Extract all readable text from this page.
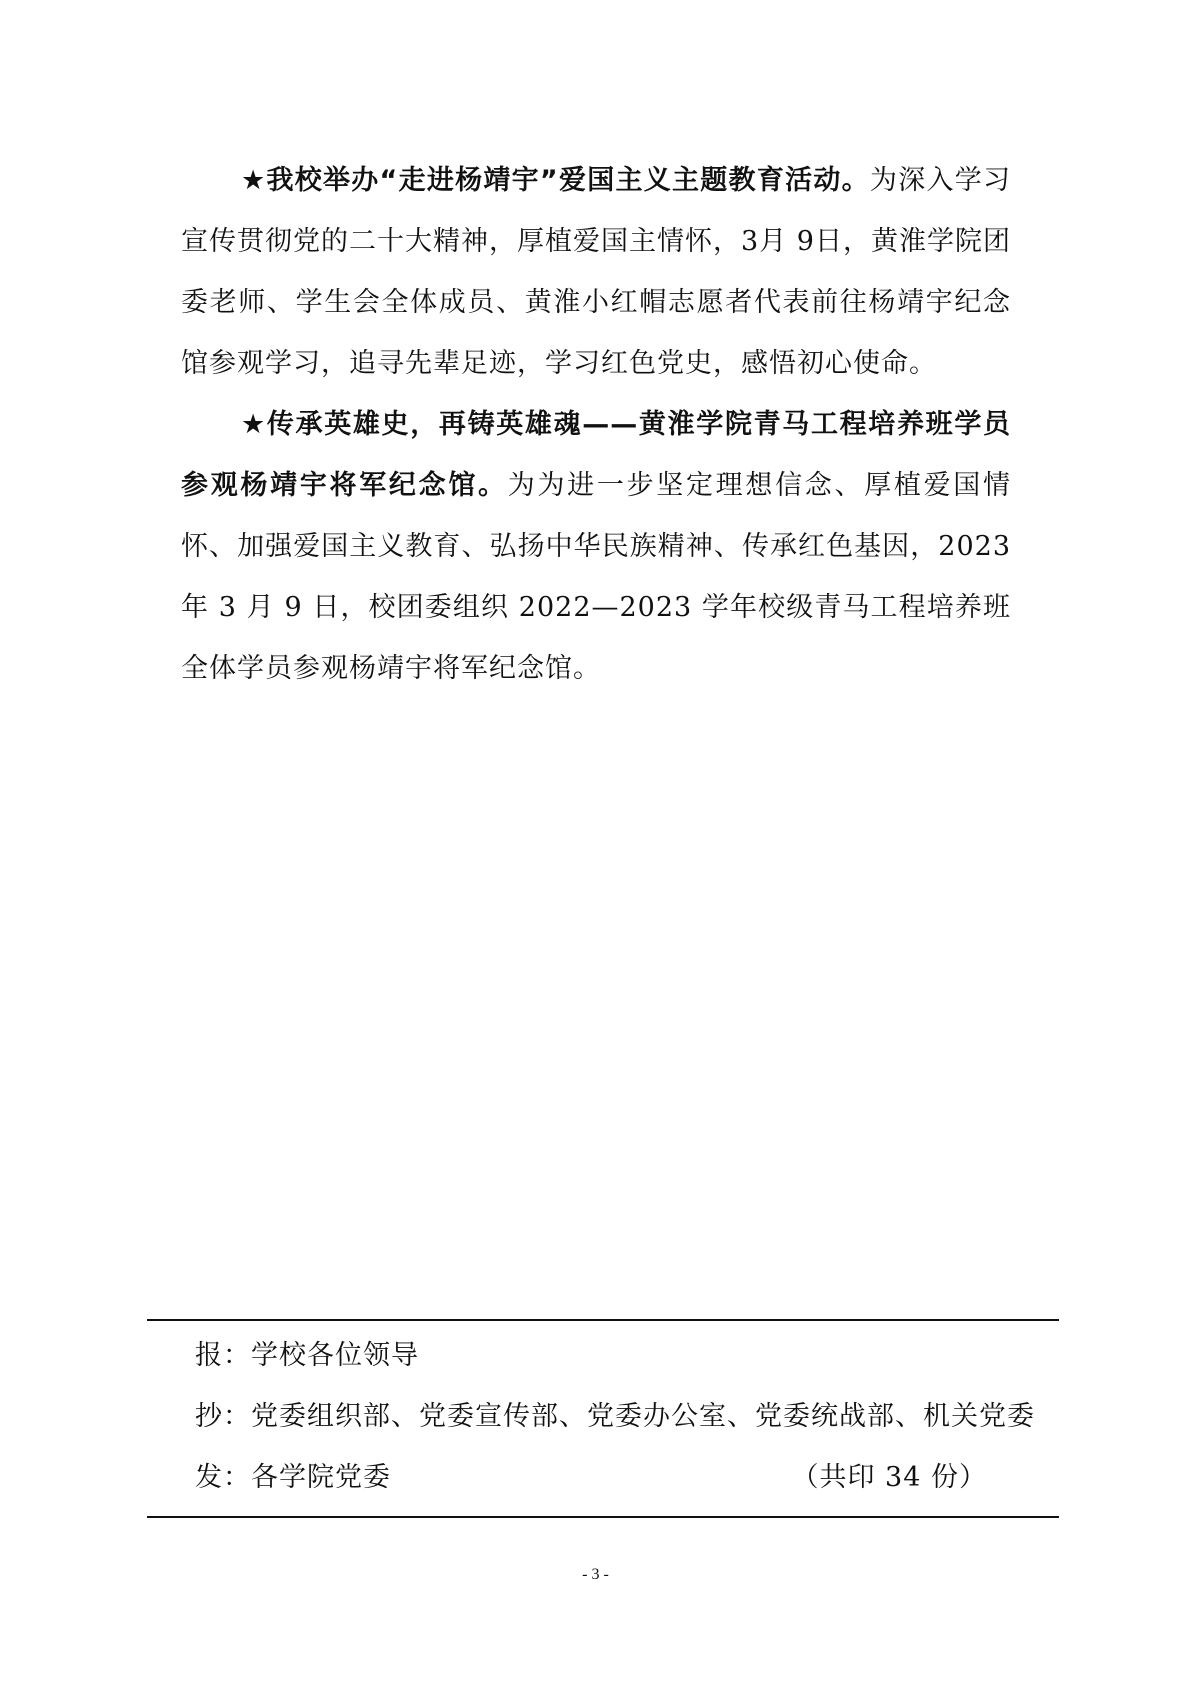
★我校举办“走进杨靖宇”爱国主义主题教育活动。为深入学习宣传贯彻党的二十大精神，厚植爱国主情怀，3月 9日，黄淮学院团委老师、学生会全体成员、黄淮小红帽志愿者代表前往杨靖宇纪念馆参观学习，追寻先辈足迹，学习红色党史，感悟初心使命。

★传承英雄史，再铸英雄魂——黄淮学院青马工程培养班学员参观杨靖宇将军纪念馆。为为进一步坚定理想信念、厚植爱国情怀、加强爱国主义教育、弘扬中华民族精神、传承红色基因，2023 年 3 月 9 日，校团委组织 2022—2023 学年校级青马工程培养班全体学员参观杨靖宇将军纪念馆。

报：学校各位领导
抄：党委组织部、党委宣传部、党委办公室、党委统战部、机关党委
发：各学院党委	（共印 34 份）
- 3 -
